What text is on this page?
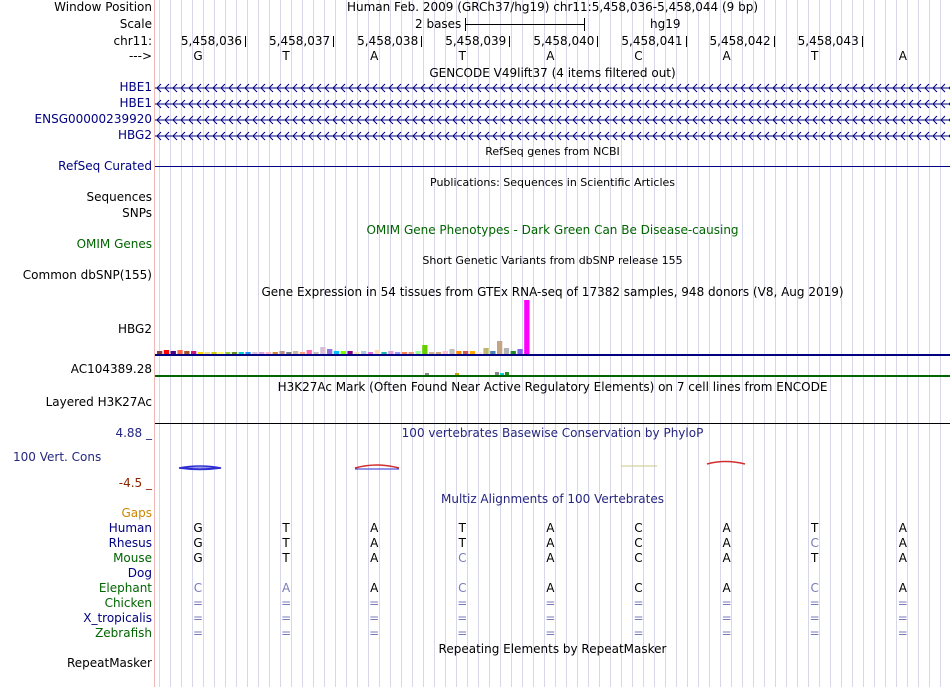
Window Position	Human Feb. 2009 (GRCh37/hg19) chr11:5,458,036-5,458,044 (9 bp)
Scale	2 bases	hg19
chr11: 5,458,036 5,458,037 5,458,038 5,458,039 5,458,040 5,458,041 5,458,042 5,458,043
--->	G	T	A	T	A	C	A	T	A
GENCODE V49lift37 (4 items filtered out)
HBE1
HBE1
ENSG00000239920
HBG2
RefSeq genes from NCBI
RefSeq Curated
Publications: Sequences in Scientific Articles
Sequences
SNPs
OMIM Gene Phenotypes - Dark Green Can Be Disease-causing
OMIM Genes
Short Genetic Variants from dbSNP release 155
Common dbSNP(155)
Gene Expression in 54 tissues from GTEx RNA-seq of 17382 samples, 948 donors (V8, Aug 2019)
HBG2
AC104389.28
H3K27Ac Mark (Often Found Near Active Regulatory Elements) on 7 cell lines from ENCODE
Layered H3K27Ac
100 vertebrates Basewise Conservation by PhyloP
4.88 _
100 Vert. Cons
-4.5 _
Multiz Alignments of 100 Vertebrates
Gaps
Human	G	T	A	T	A	C	A	T	A
Rhesus	G	T	A	T	A	C	A	C	A
Mouse	G	T	A	C	A	C	A	T	A
Dog
Elephant	C	A	A	C	A	C	A	C	A
Chicken	=	=	=	=	=	=	=	=	=
X_tropicalis	=	=	=	=	=	=	=	=	=
Zebrafish	=	=	=	=	=	=	=	=	=
Repeating Elements by RepeatMasker
RepeatMasker
